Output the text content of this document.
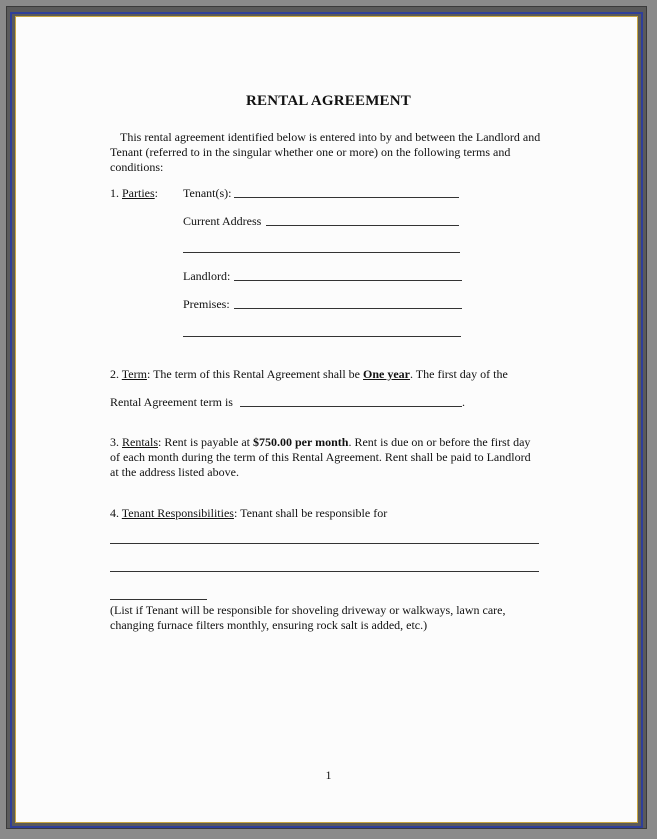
RENTAL AGREEMENT
This rental agreement identified below is entered into by and between the Landlord and
Tenant (referred to in the singular whether one or more) on the following terms and
conditions:
1. Parties: Tenant(s):
Current Address
Landlord:
Premises:
2. Term: The term of this Rental Agreement shall be One year. The first day of the
Rental Agreement term is	.
3. Rentals: Rent is payable at $750.00 per month. Rent is due on or before the first day
of each month during the term of this Rental Agreement. Rent shall be paid to Landlord
at the address listed above.
4. Tenant Responsibilities: Tenant shall be responsible for
(List if Tenant will be responsible for shoveling driveway or walkways, lawn care,
changing furnace filters monthly, ensuring rock salt is added, etc.)
1
